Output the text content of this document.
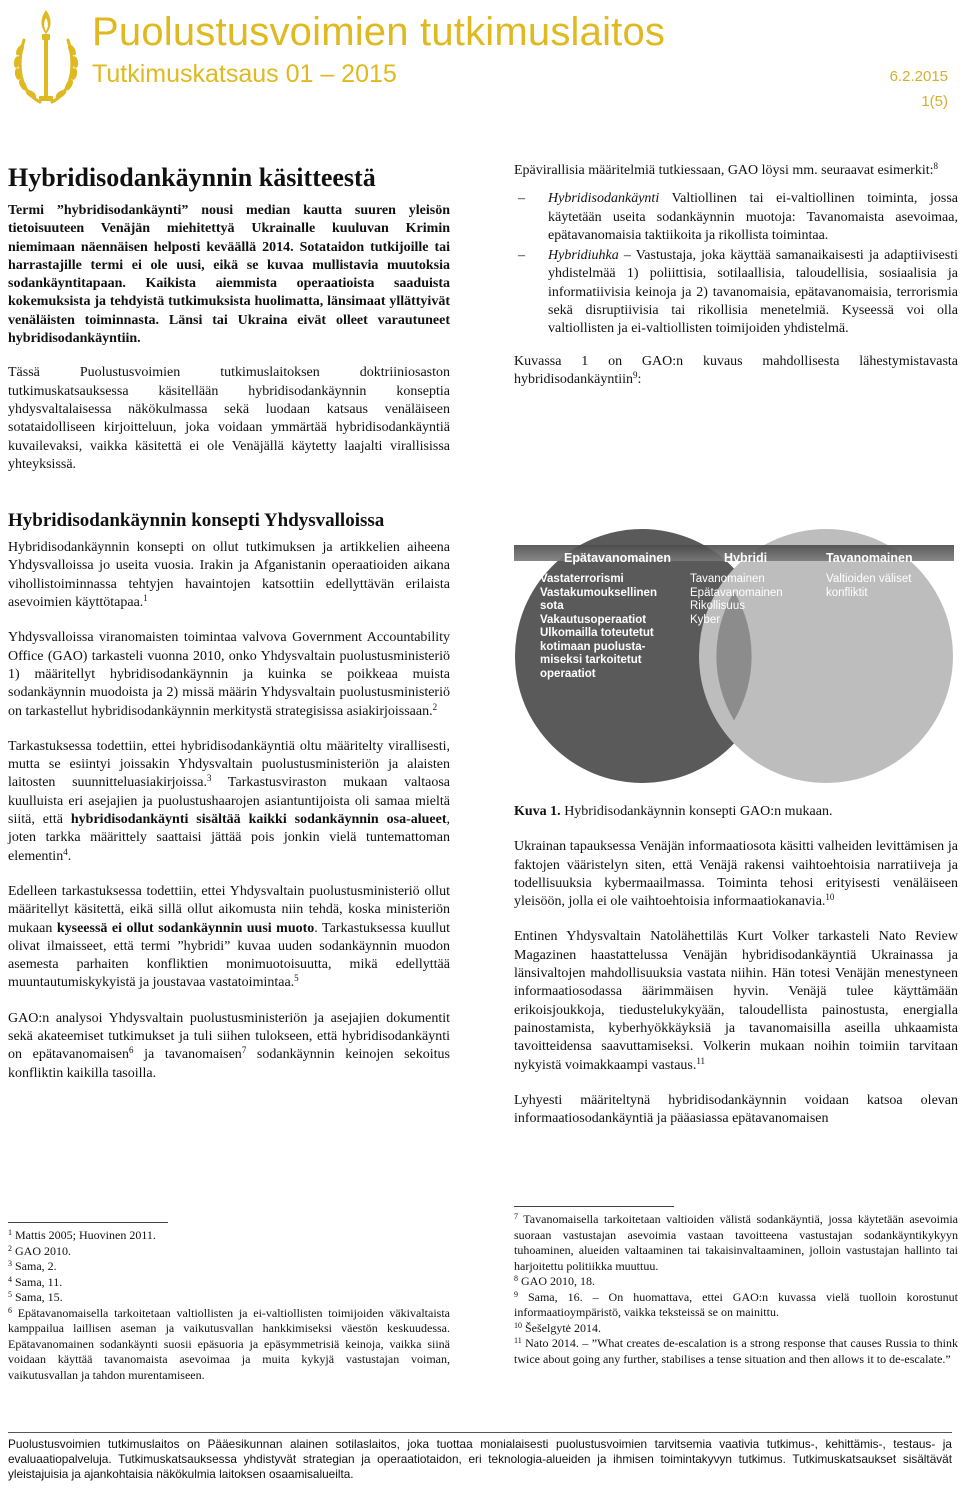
Puolustusvoimien tutkimuslaitos
Tutkimuskatsaus 01 – 2015	6.2.2015
1(5)
Hybridisodankäynnin käsitteestä

Termi ”hybridisodankäynti” nousi median kautta suuren yleisön tietoisuuteen Venäjän miehitettyä Ukrainalle kuuluvan Krimin niemimaan näennäisen helposti keväällä 2014. Sotataidon tutkijoille tai harrastajille termi ei ole uusi, eikä se kuvaa mullistavia muutoksia sodankäyntitapaan. Kaikista aiemmista operaatioista saaduista kokemuksista ja tehdyistä tutkimuksista huolimatta, länsimaat yllättyivät venäläisten toiminnasta. Länsi tai Ukraina eivät olleet varautuneet hybridisodankäyntiin.

Tässä Puolustusvoimien tutkimuslaitoksen doktriiniosaston tutkimuskatsauksessa käsitellään hybridisodankäynnin konseptia yhdysvaltalaisessa näkökulmassa sekä luodaan katsaus venäläiseen sotataidolliseen kirjoitteluun, joka voidaan ymmärtää hybridisodankäyntiä kuvailevaksi, vaikka käsitettä ei ole Venäjällä käytetty laajalti virallisissa yhteyksissä.

Hybridisodankäynnin konsepti Yhdysvalloissa

Hybridisodankäynnin konsepti on ollut tutkimuksen ja artikkelien aiheena Yhdysvalloissa jo useita vuosia. Irakin ja Afganistanin operaatioiden aikana vihollistoiminnassa tehtyjen havaintojen katsottiin edellyttävän erilaista asevoimien käyttötapaa.$^1$

Yhdysvalloissa viranomaisten toimintaa valvova Government Accountability Office (GAO) tarkasteli vuonna 2010, onko Yhdysvaltain puolustusministeriö 1) määritellyt hybridisodankäynnin ja kuinka se poikkeaa muista sodankäynnin muodoista ja 2) missä määrin Yhdysvaltain puolustusministeriö on tarkastellut hybridisodankäynnin merkitystä strategisissa asiakirjoissaan.$^2$

Tarkastuksessa todettiin, ettei hybridisodankäyntiä oltu määritelty virallisesti, mutta se esiintyi joissakin Yhdysvaltain puolustusministeriön ja alaisten laitosten suunnitteluasiakirjoissa.$^3$ Tarkastusviraston mukaan valtaosa kuulluista eri asejajien ja puolustushaarojen asiantuntijoista oli samaa mieltä siitä, että hybridisodankäynti sisältää kaikki sodankäynnin osa-alueet, joten tarkka määrittely saattaisi jättää pois jonkin vielä tuntemattoman elementin$^4$.

Edelleen tarkastuksessa todettiin, ettei Yhdysvaltain puolustusministeriö ollut määritellyt käsitettä, eikä sillä ollut aikomusta niin tehdä, koska ministeriön mukaan kyseessä ei ollut sodankäynnin uusi muoto. Tarkastuksessa kuullut olivat ilmaisseet, että termi ”hybridi” kuvaa uuden sodankäynnin muodon asemesta parhaiten konfliktien monimuotoisuutta, mikä edellyttää muuntautumiskykyistä ja joustavaa vastatoimintaa.$^5$

GAO:n analysoi Yhdysvaltain puolustusministeriön ja asejajien dokumentit sekä akateemiset tutkimukset ja tuli siihen tulokseen, että hybridisodankäynti on epätavanomaisen$^6$ ja tavanomaisen$^7$ sodankäynnin keinojen sekoitus konfliktin kaikilla tasoilla.

Epävirallisia määritelmiä tutkiessaan, GAO löysi mm. seuraavat esimerkit:$^8$

– Hybridisodankäynti Valtiollinen tai ei-valtiollinen toiminta, jossa käytetään useita sodankäynnin muotoja: Tavanomaista asevoimaa, epätavanomaisia taktiikoita ja rikollista toimintaa.
– Hybridiuhka – Vastustaja, joka käyttää samanaikaisesti ja adaptiivisesti yhdistelmää 1) poliittisia, sotilaallisia, taloudellisia, sosiaalisia ja informatiivisia keinoja ja 2) tavanomaisia, epätavanomaisia, terrorismia sekä disruptiivisia tai rikollisia menetelmiä. Kyseessä voi olla valtiollisten ja ei-valtiollisten toimijoiden yhdistelmä.

Kuvassa 1 on GAO:n kuvaus mahdollisesta lähestymistavasta hybridisodankäyntiin$^9$:

Epätavanomainen	Hybridi	Tavanomainen
Vastaterrorismi
Vastakumouksellinen
sota
Vakautusoperaatiot
Ulkomailla toteutetut
kotimaan puolusta-
miseksi tarkoitetut
operaatiot
Tavanomainen
Epätavanomainen
Rikollisuus
Kyber
Valtioiden väliset
konfliktit

Kuva 1. Hybridisodankäynnin konsepti GAO:n mukaan.

Ukrainan tapauksessa Venäjän informaatiosota käsitti valheiden levittämisen ja faktojen vääristelyn siten, että Venäjä rakensi vaihtoehtoisia narratiiveja ja todellisuuksia kybermaailmassa. Toiminta tehosi erityisesti venäläiseen yleisöön, jolla ei ole vaihtoehtoisia informaatiokanavia.$^{10}$

Entinen Yhdysvaltain Natolähettiläs Kurt Volker tarkasteli Nato Review Magazinen haastattelussa Venäjän hybridisodankäyntiä Ukrainassa ja länsivaltojen mahdollisuuksia vastata niihin. Hän totesi Venäjän menestyneen informaatiosodassa äärimmäisen hyvin. Venäjä tulee käyttämään erikoisjoukkoja, tiedustelukykyään, taloudellista painostusta, energialla painostamista, kyberhyökkäyksiä ja tavanomaisilla aseilla uhkaamista tavoitteidensa saavuttamiseksi. Volkerin mukaan noihin toimiin tarvitaan nykyistä voimakkaampi vastaus.$^{11}$

Lyhyesti määriteltynä hybridisodankäynnin voidaan katsoa olevan informaatiosodankäyntiä ja pääasiassa epätavanomaisen

$^1$ Mattis 2005; Huovinen 2011.
$^2$ GAO 2010.
$^3$ Sama, 2.
$^4$ Sama, 11.
$^5$ Sama, 15.
$^6$ Epätavanomaisella tarkoitetaan valtiollisten ja ei-valtiollisten toimijoiden väkivaltaista kamppailua laillisen aseman ja vaikutusvallan hankkimiseksi väestön keskuudessa. Epätavanomainen sodankäynti suosii epäsuoria ja epäsymmetrisiä keinoja, vaikka siinä voidaan käyttää tavanomaista asevoimaa ja muita kykyjä vastustajan voiman, vaikutusvallan ja tahdon murentamiseen.
$^7$ Tavanomaisella tarkoitetaan valtioiden välistä sodankäyntiä, jossa käytetään asevoimia suoraan vastustajan asevoimia vastaan tavoitteena vastustajan sodankäyntikykyyn tuhoaminen, alueiden valtaaminen tai takaisinvaltaaminen, jolloin vastustajan hallinto tai harjoitettu politiikka muuttuu.
$^8$ GAO 2010, 18.
$^9$ Sama, 16. – On huomattava, ettei GAO:n kuvassa vielä tuolloin korostunut informaatioympäristö, vaikka teksteissä se on mainittu.
$^{10}$ Šešelgytė 2014.
$^{11}$ Nato 2014. – ”What creates de-escalation is a strong response that causes Russia to think twice about going any further, stabilises a tense situation and then allows it to de-escalate.”
Puolustusvoimien tutkimuslaitos on Pääesikunnan alainen sotilaslaitos, joka tuottaa monialaisesti puolustusvoimien tarvitsemia vaativia tutkimus-, kehittämis-, testaus- ja evaluaatiopalveluja. Tutkimuskatsauksessa yhdistyvät strategian ja operaatiotaidon, eri teknologia-alueiden ja ihmisen toimintakyvyn tutkimus. Tutkimuskatsaukset sisältävät yleistajuisia ja ajankohtaisia näkökulmia laitoksen osaamisalueilta.
